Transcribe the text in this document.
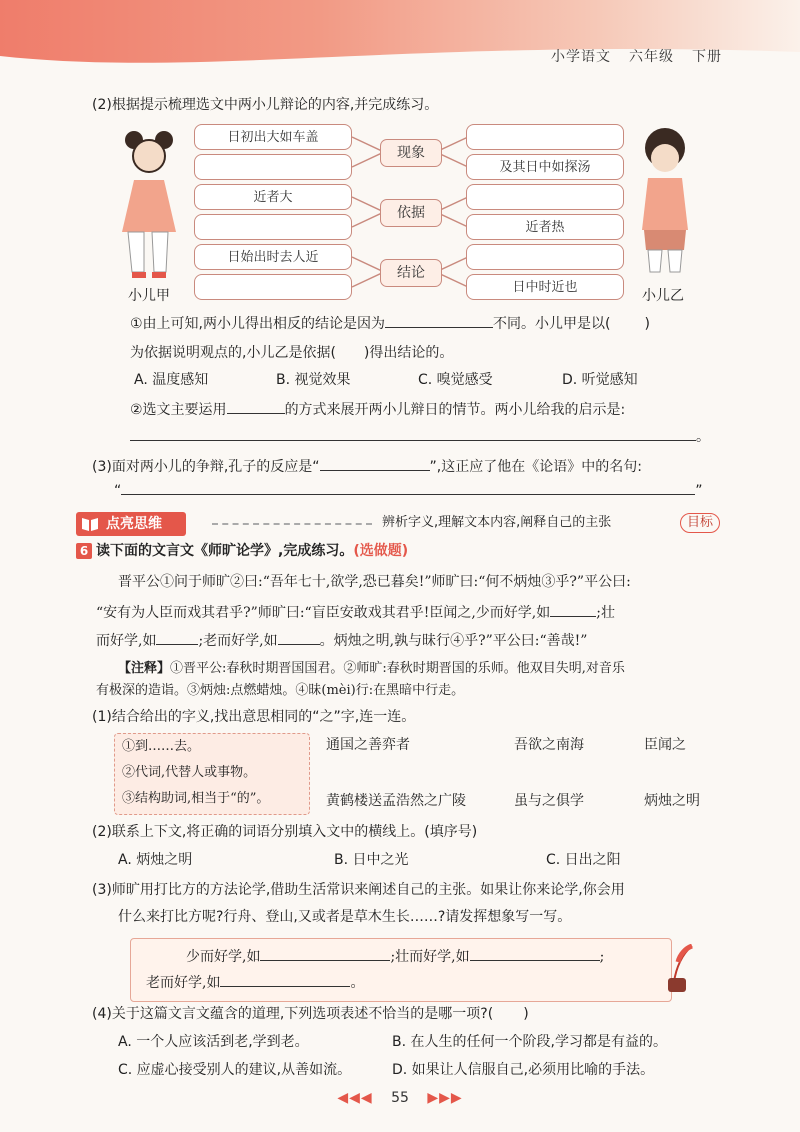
小学语文 六年级 下册
(2)根据提示梳理选文中两小儿辩论的内容,并完成练习。
小儿甲	小儿乙
日初出大如车盖
近者大
日始出时去人近
现象
依据
结论
及其日中如探汤
近者热
日中时近也
①由上可知,两小儿得出相反的结论是因为	不同。小儿甲是以( )
为依据说明观点的,小儿乙是依据( )得出结论的。
A. 温度感知	B. 视觉效果	C. 嗅觉感受	D. 听觉感知
②选文主要运用	的方式来展开两小儿辩日的情节。两小儿给我的启示是:
。
(3)面对两小儿的争辩,孔子的反应是“	”,这正应了他在《论语》中的名句:
“	”
点亮思维	辨析字义,理解文本内容,阐释自己的主张	目标
6 读下面的文言文《师旷论学》,完成练习。(选做题)
晋平公①问于师旷②曰:“吾年七十,欲学,恐已暮矣!”师旷曰:“何不炳烛③乎?”平公曰:
“安有为人臣而戏其君乎?”师旷曰:“盲臣安敢戏其君乎!臣闻之,少而好学,如	;壮
而好学,如	;老而好学,如	。炳烛之明,孰与昧行④乎?”平公曰:“善哉!”
【注释】①晋平公:春秋时期晋国国君。②师旷:春秋时期晋国的乐师。他双目失明,对音乐
有极深的造诣。③炳烛:点燃蜡烛。④昧(mèi)行:在黑暗中行走。
(1)结合给出的字义,找出意思相同的“之”字,连一连。
①到……去。
②代词,代替人或事物。
③结构助词,相当于“的”。
通国之善弈者	吾欲之南海	臣闻之
黄鹤楼送孟浩然之广陵	虽与之俱学	炳烛之明
(2)联系上下文,将正确的词语分别填入文中的横线上。(填序号)
A. 炳烛之明	B. 日中之光	C. 日出之阳
(3)师旷用打比方的方法论学,借助生活常识来阐述自己的主张。如果让你来论学,你会用
什么来打比方呢?行舟、登山,又或者是草木生长……?请发挥想象写一写。
少而好学,如	;壮而好学,如	;
老而好学,如	。
(4)关于这篇文言文蕴含的道理,下列选项表述不恰当的是哪一项?( )
A. 一个人应该活到老,学到老。	B. 在人生的任何一个阶段,学习都是有益的。
C. 应虚心接受别人的建议,从善如流。	D. 如果让人信服自己,必须用比喻的手法。
◀◀◀ 55 ▶▶▶
